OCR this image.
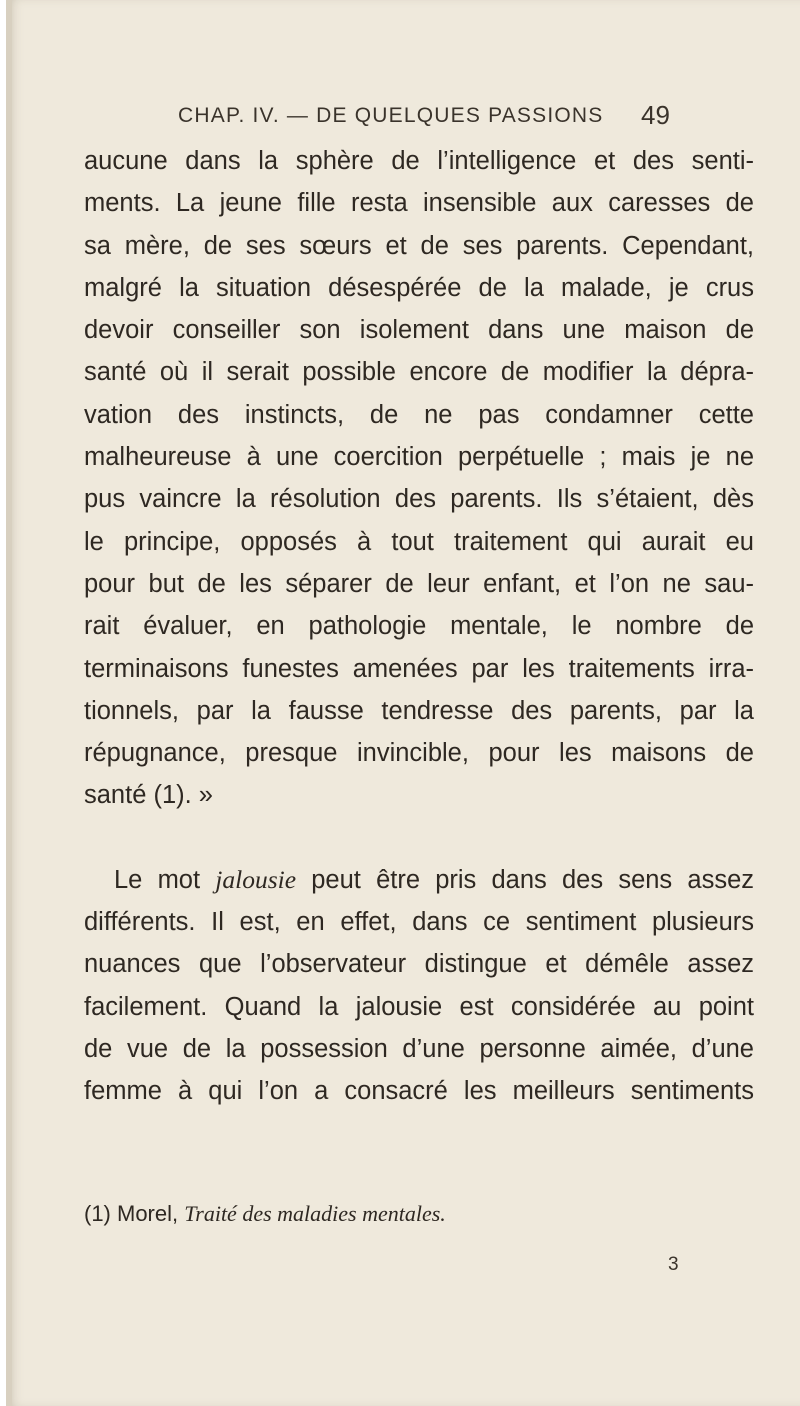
CHAP. IV. — DE QUELQUES PASSIONS 49
aucune dans la sphère de l’intelligence et des senti-
ments. La jeune fille resta insensible aux caresses de
sa mère, de ses sœurs et de ses parents. Cependant,
malgré la situation désespérée de la malade, je crus
devoir conseiller son isolement dans une maison de
santé où il serait possible encore de modifier la dépra-
vation des instincts, de ne pas condamner cette
malheureuse à une coercition perpétuelle ; mais je ne
pus vaincre la résolution des parents. Ils s’étaient, dès
le principe, opposés à tout traitement qui aurait eu
pour but de les séparer de leur enfant, et l’on ne sau-
rait évaluer, en pathologie mentale, le nombre de
terminaisons funestes amenées par les traitements irra-
tionnels, par la fausse tendresse des parents, par la
répugnance, presque invincible, pour les maisons de
santé (1). »
Le mot jalousie peut être pris dans des sens assez
différents. Il est, en effet, dans ce sentiment plusieurs
nuances que l’observateur distingue et démêle assez
facilement. Quand la jalousie est considérée au point
de vue de la possession d’une personne aimée, d’une
femme à qui l’on a consacré les meilleurs sentiments
(1) Morel, Traité des maladies mentales.
3
